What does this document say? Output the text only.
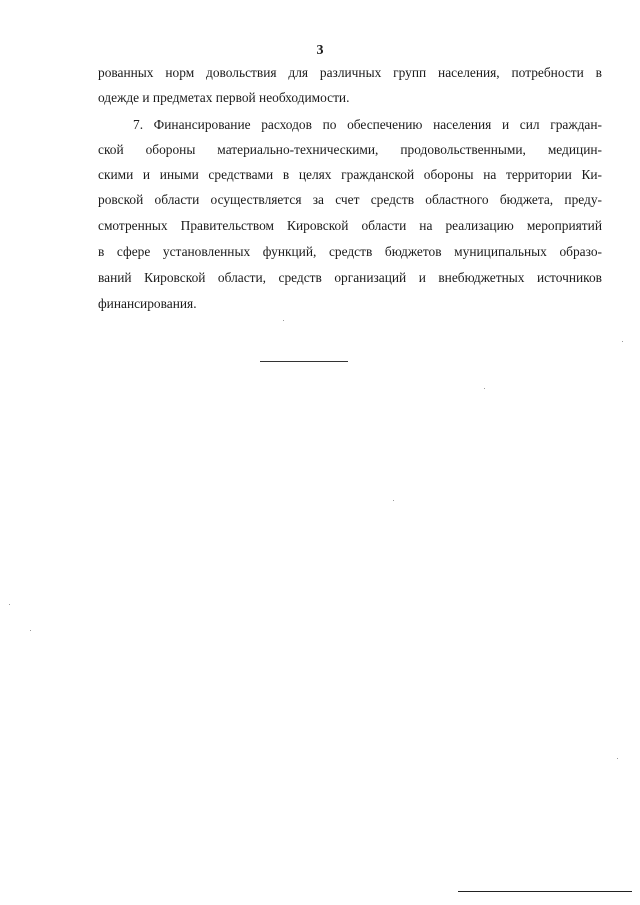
3
рованных норм довольствия для различных групп населения, потребности в
одежде и предметах первой необходимости.
7. Финансирование расходов по обеспечению населения и сил граждан-
ской обороны материально-техническими, продовольственными, медицин-
скими и иными средствами в целях гражданской обороны на территории Ки-
ровской области осуществляется за счет средств областного бюджета, преду-
смотренных Правительством Кировской области на реализацию мероприятий
в сфере установленных функций, средств бюджетов муниципальных образо-
ваний Кировской области, средств организаций и внебюджетных источников
финансирования.
